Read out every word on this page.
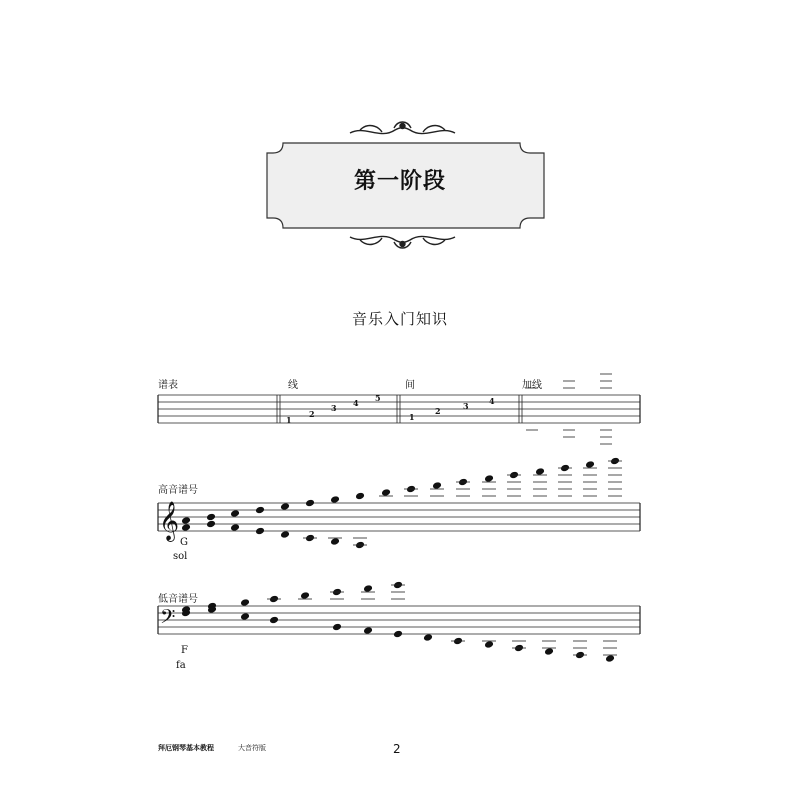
第一阶段
音乐入门知识
谱表	线	间	加线
1
2
3 4 5
1
2	3	4
高音谱号
G
sol
低音谱号
F
fa
𝄞
𝄢
拜厄钢琴基本教程	大音符版	2
